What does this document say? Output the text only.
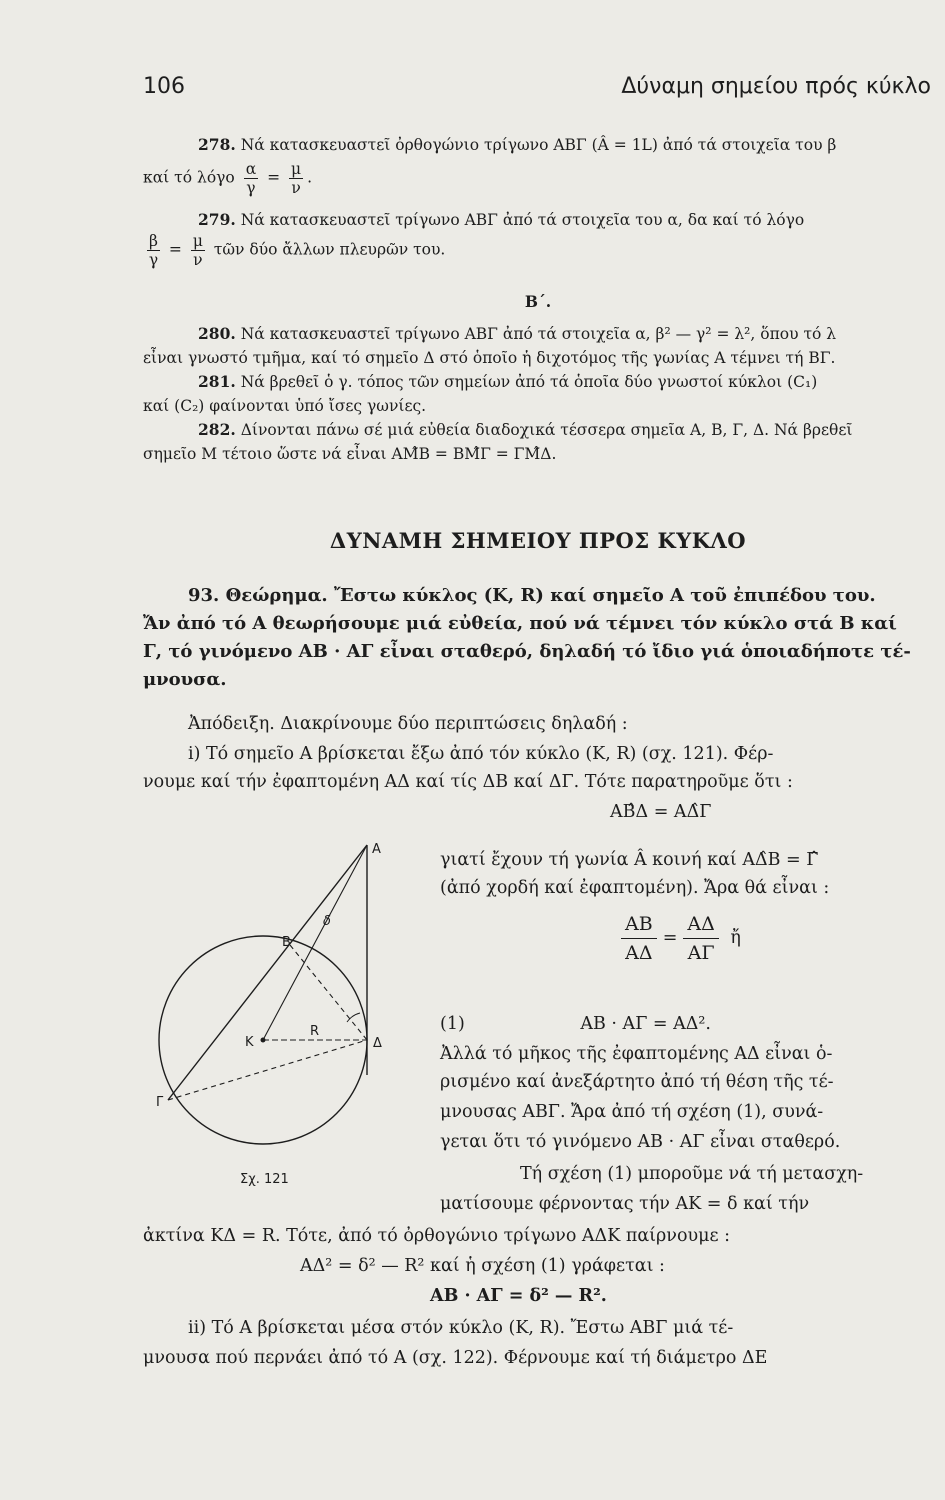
106	Δύναμη σημείου πρός κύκλο
278. Νά κατασκευαστεῖ ὀρθογώνιο τρίγωνο ΑΒΓ (Â = 1L) ἀπό τά στοιχεῖα του β
καί τό λόγο $\frac{\alpha}{\gamma} = \frac{\mu}{\nu}$ .
279. Νά κατασκευαστεῖ τρίγωνο ΑΒΓ ἀπό τά στοιχεῖα του α, δα καί τό λόγο
$\frac{\beta}{\gamma} = \frac{\mu}{\nu}$ τῶν δύο ἄλλων πλευρῶν του.
Β΄.
280. Νά κατασκευαστεῖ τρίγωνο ΑΒΓ ἀπό τά στοιχεῖα α, β² — γ² = λ², ὅπου τό λ
εἶναι γνωστό τμῆμα, καί τό σημεῖο Δ στό ὁποῖο ἡ διχοτόμος τῆς γωνίας Α τέμνει τή ΒΓ.
281. Νά βρεθεῖ ὁ γ. τόπος τῶν σημείων ἀπό τά ὁποῖα δύο γνωστοί κύκλοι (C₁)
καί (C₂) φαίνονται ὑπό ἴσες γωνίες.
282. Δίνονται πάνω σέ μιά εὐθεία διαδοχικά τέσσερα σημεῖα Α, Β, Γ, Δ. Νά βρεθεῖ
σημεῖο Μ τέτοιο ὥστε νά εἶναι ΑΜ̂Β = ΒΜ̂Γ = ΓΜ̂Δ.
ΔΥΝΑΜΗ ΣΗΜΕΙΟΥ ΠΡΟΣ ΚΥΚΛΟ
93. Θεώρημα. Ἔστω κύκλος (Κ, R) καί σημεῖο Α τοῦ ἐπιπέδου του.
Ἄν ἀπό τό Α θεωρήσουμε μιά εὐθεία, πού νά τέμνει τόν κύκλο στά Β καί
Γ, τό γινόμενο ΑΒ · ΑΓ εἶναι σταθερό, δηλαδή τό ἴδιο γιά ὁποιαδήποτε τέ-
μνουσα.
Ἀπόδειξη. Διακρίνουμε δύο περιπτώσεις δηλαδή :
i) Τό σημεῖο Α βρίσκεται ἔξω ἀπό τόν κύκλο (Κ, R) (σχ. 121). Φέρ-
νουμε καί τήν ἐφαπτομένη ΑΔ καί τίς ΔΒ καί ΔΓ. Τότε παρατηροῦμε ὅτι :
ΑΒ̂Δ = ΑΔ̂Γ
γιατί ἔχουν τή γωνία Â κοινή καί ΑΔ̂Β = Γ̂
(ἀπό χορδή καί ἐφαπτομένη). Ἄρα θά εἶναι :
$\frac{AB}{A\Delta} = \frac{A\Delta}{A\Gamma}$ ἤ
(1)	ΑΒ · ΑΓ = ΑΔ².
Ἀλλά τό μῆκος τῆς ἐφαπτομένης ΑΔ εἶναι ὁ-
ρισμένο καί ἀνεξάρτητο ἀπό τή θέση τῆς τέ-
μνουσας ΑΒΓ. Ἄρα ἀπό τή σχέση (1), συνά-
γεται ὅτι τό γινόμενο ΑΒ · ΑΓ εἶναι σταθερό.
Τή σχέση (1) μποροῦμε νά τή μετασχη-
ματίσουμε φέρνοντας τήν ΑΚ = δ καί τήν
ἀκτίνα ΚΔ = R. Τότε, ἀπό τό ὀρθογώνιο τρίγωνο ΑΔΚ παίρνουμε :
ΑΔ² = δ² — R² καί ἡ σχέση (1) γράφεται :
ΑΒ · ΑΓ = δ² — R².
ii) Τό Α βρίσκεται μέσα στόν κύκλο (Κ, R). Ἔστω ΑΒΓ μιά τέ-
μνουσα πού περνάει ἀπό τό Α (σχ. 122). Φέρνουμε καί τή διάμετρο ΔΕ
A
B
Γ
K
R
Δ
δ
Σχ. 121
